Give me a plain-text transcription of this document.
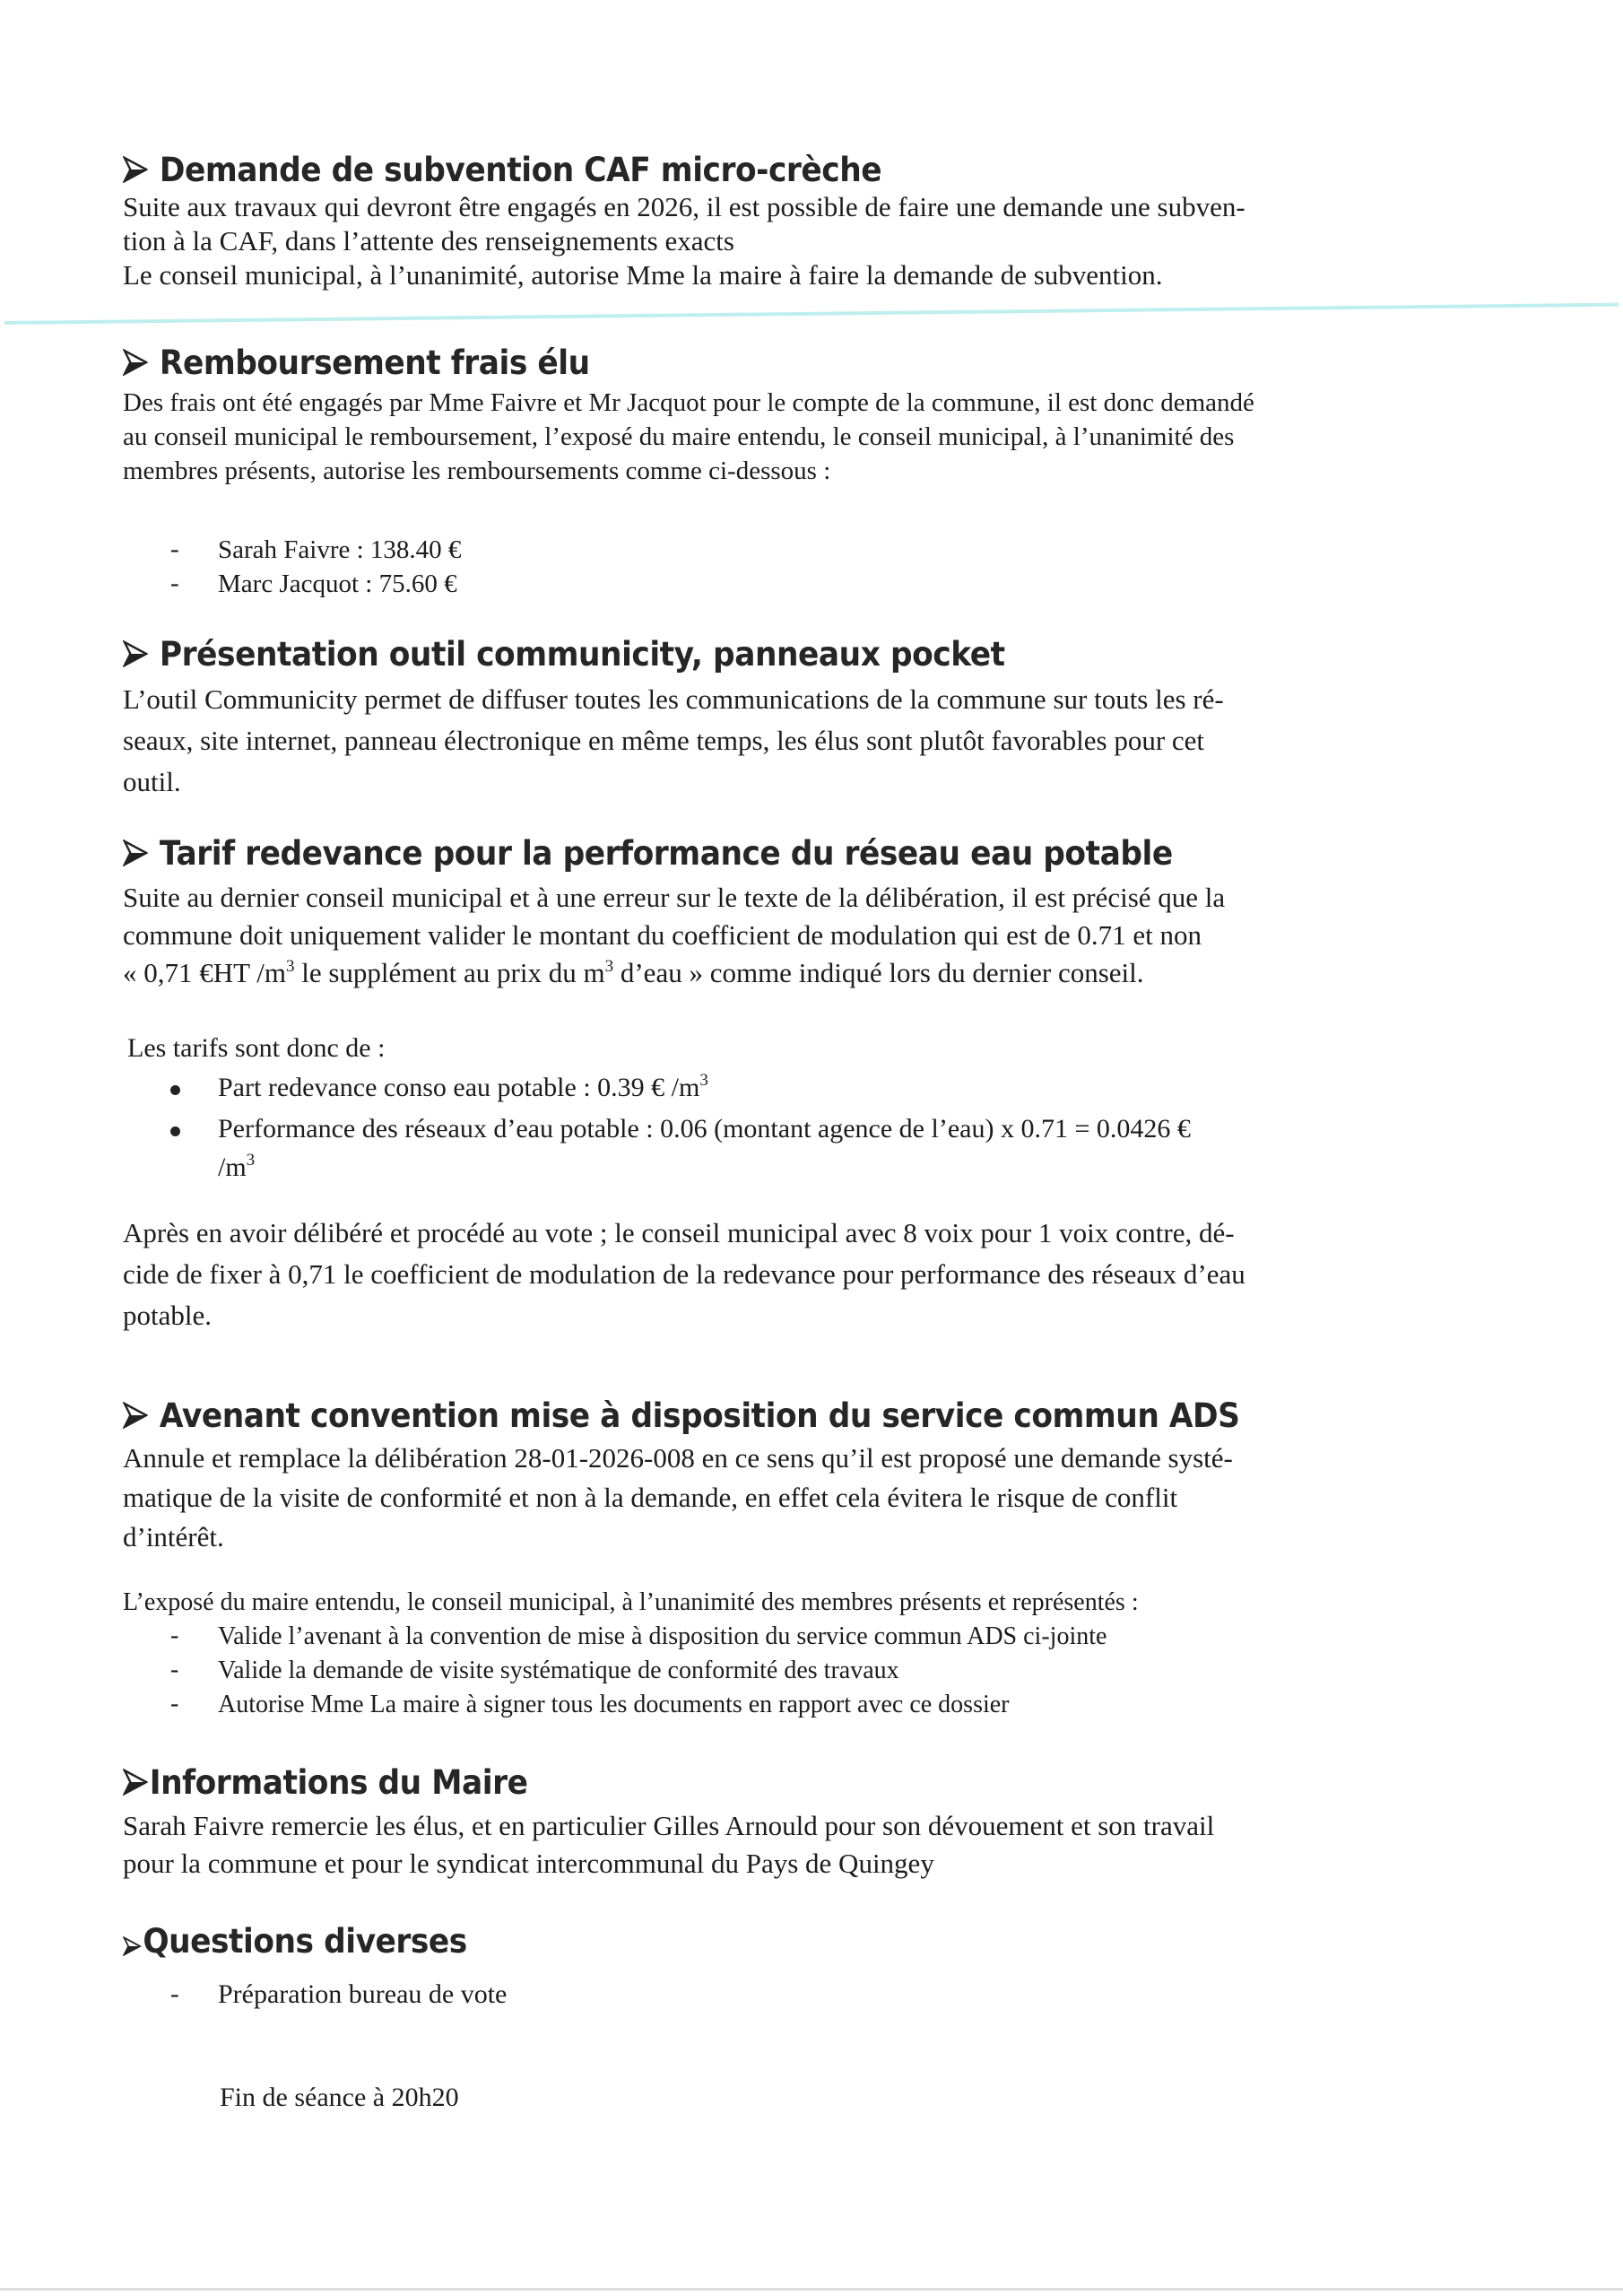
Demande de subvention CAF micro-crèche
Suite aux travaux qui devront être engagés en 2026, il est possible de faire une demande une subven-
tion à la CAF, dans l’attente des renseignements exacts
Le conseil municipal, à l’unanimité, autorise Mme la maire à faire la demande de subvention.
Remboursement frais élu
Des frais ont été engagés par Mme Faivre et Mr Jacquot pour le compte de la commune, il est donc demandé
au conseil municipal le remboursement, l’exposé du maire entendu, le conseil municipal, à l’unanimité des
membres présents, autorise les remboursements comme ci-dessous :
- Sarah Faivre : 138.40 €
- Marc Jacquot : 75.60 €
Présentation outil communicity, panneaux pocket
L’outil Communicity permet de diffuser toutes les communications de la commune sur touts les ré-
seaux, site internet, panneau électronique en même temps, les élus sont plutôt favorables pour cet
outil.
Tarif redevance pour la performance du réseau eau potable
Suite au dernier conseil municipal et à une erreur sur le texte de la délibération, il est précisé que la
commune doit uniquement valider le montant du coefficient de modulation qui est de 0.71 et non
« 0,71 €HT $/m^3$ le supplément au prix du $m^3$ d’eau » comme indiqué lors du dernier conseil.
Les tarifs sont donc de :
Part redevance conso eau potable : 0.39 € $/m^3$
Performance des réseaux d’eau potable : 0.06 (montant agence de l’eau) x 0.71 = 0.0426 €
$/m^3$
Après en avoir délibéré et procédé au vote ; le conseil municipal avec 8 voix pour 1 voix contre, dé-
cide de fixer à 0,71 le coefficient de modulation de la redevance pour performance des réseaux d’eau
potable.
Avenant convention mise à disposition du service commun ADS
Annule et remplace la délibération 28-01-2026-008 en ce sens qu’il est proposé une demande systé-
matique de la visite de conformité et non à la demande, en effet cela évitera le risque de conflit
d’intérêt.
L’exposé du maire entendu, le conseil municipal, à l’unanimité des membres présents et représentés :
- Valide l’avenant à la convention de mise à disposition du service commun ADS ci-jointe
- Valide la demande de visite systématique de conformité des travaux
- Autorise Mme La maire à signer tous les documents en rapport avec ce dossier
Informations du Maire
Sarah Faivre remercie les élus, et en particulier Gilles Arnould pour son dévouement et son travail
pour la commune et pour le syndicat intercommunal du Pays de Quingey
Questions diverses
- Préparation bureau de vote
Fin de séance à 20h20
